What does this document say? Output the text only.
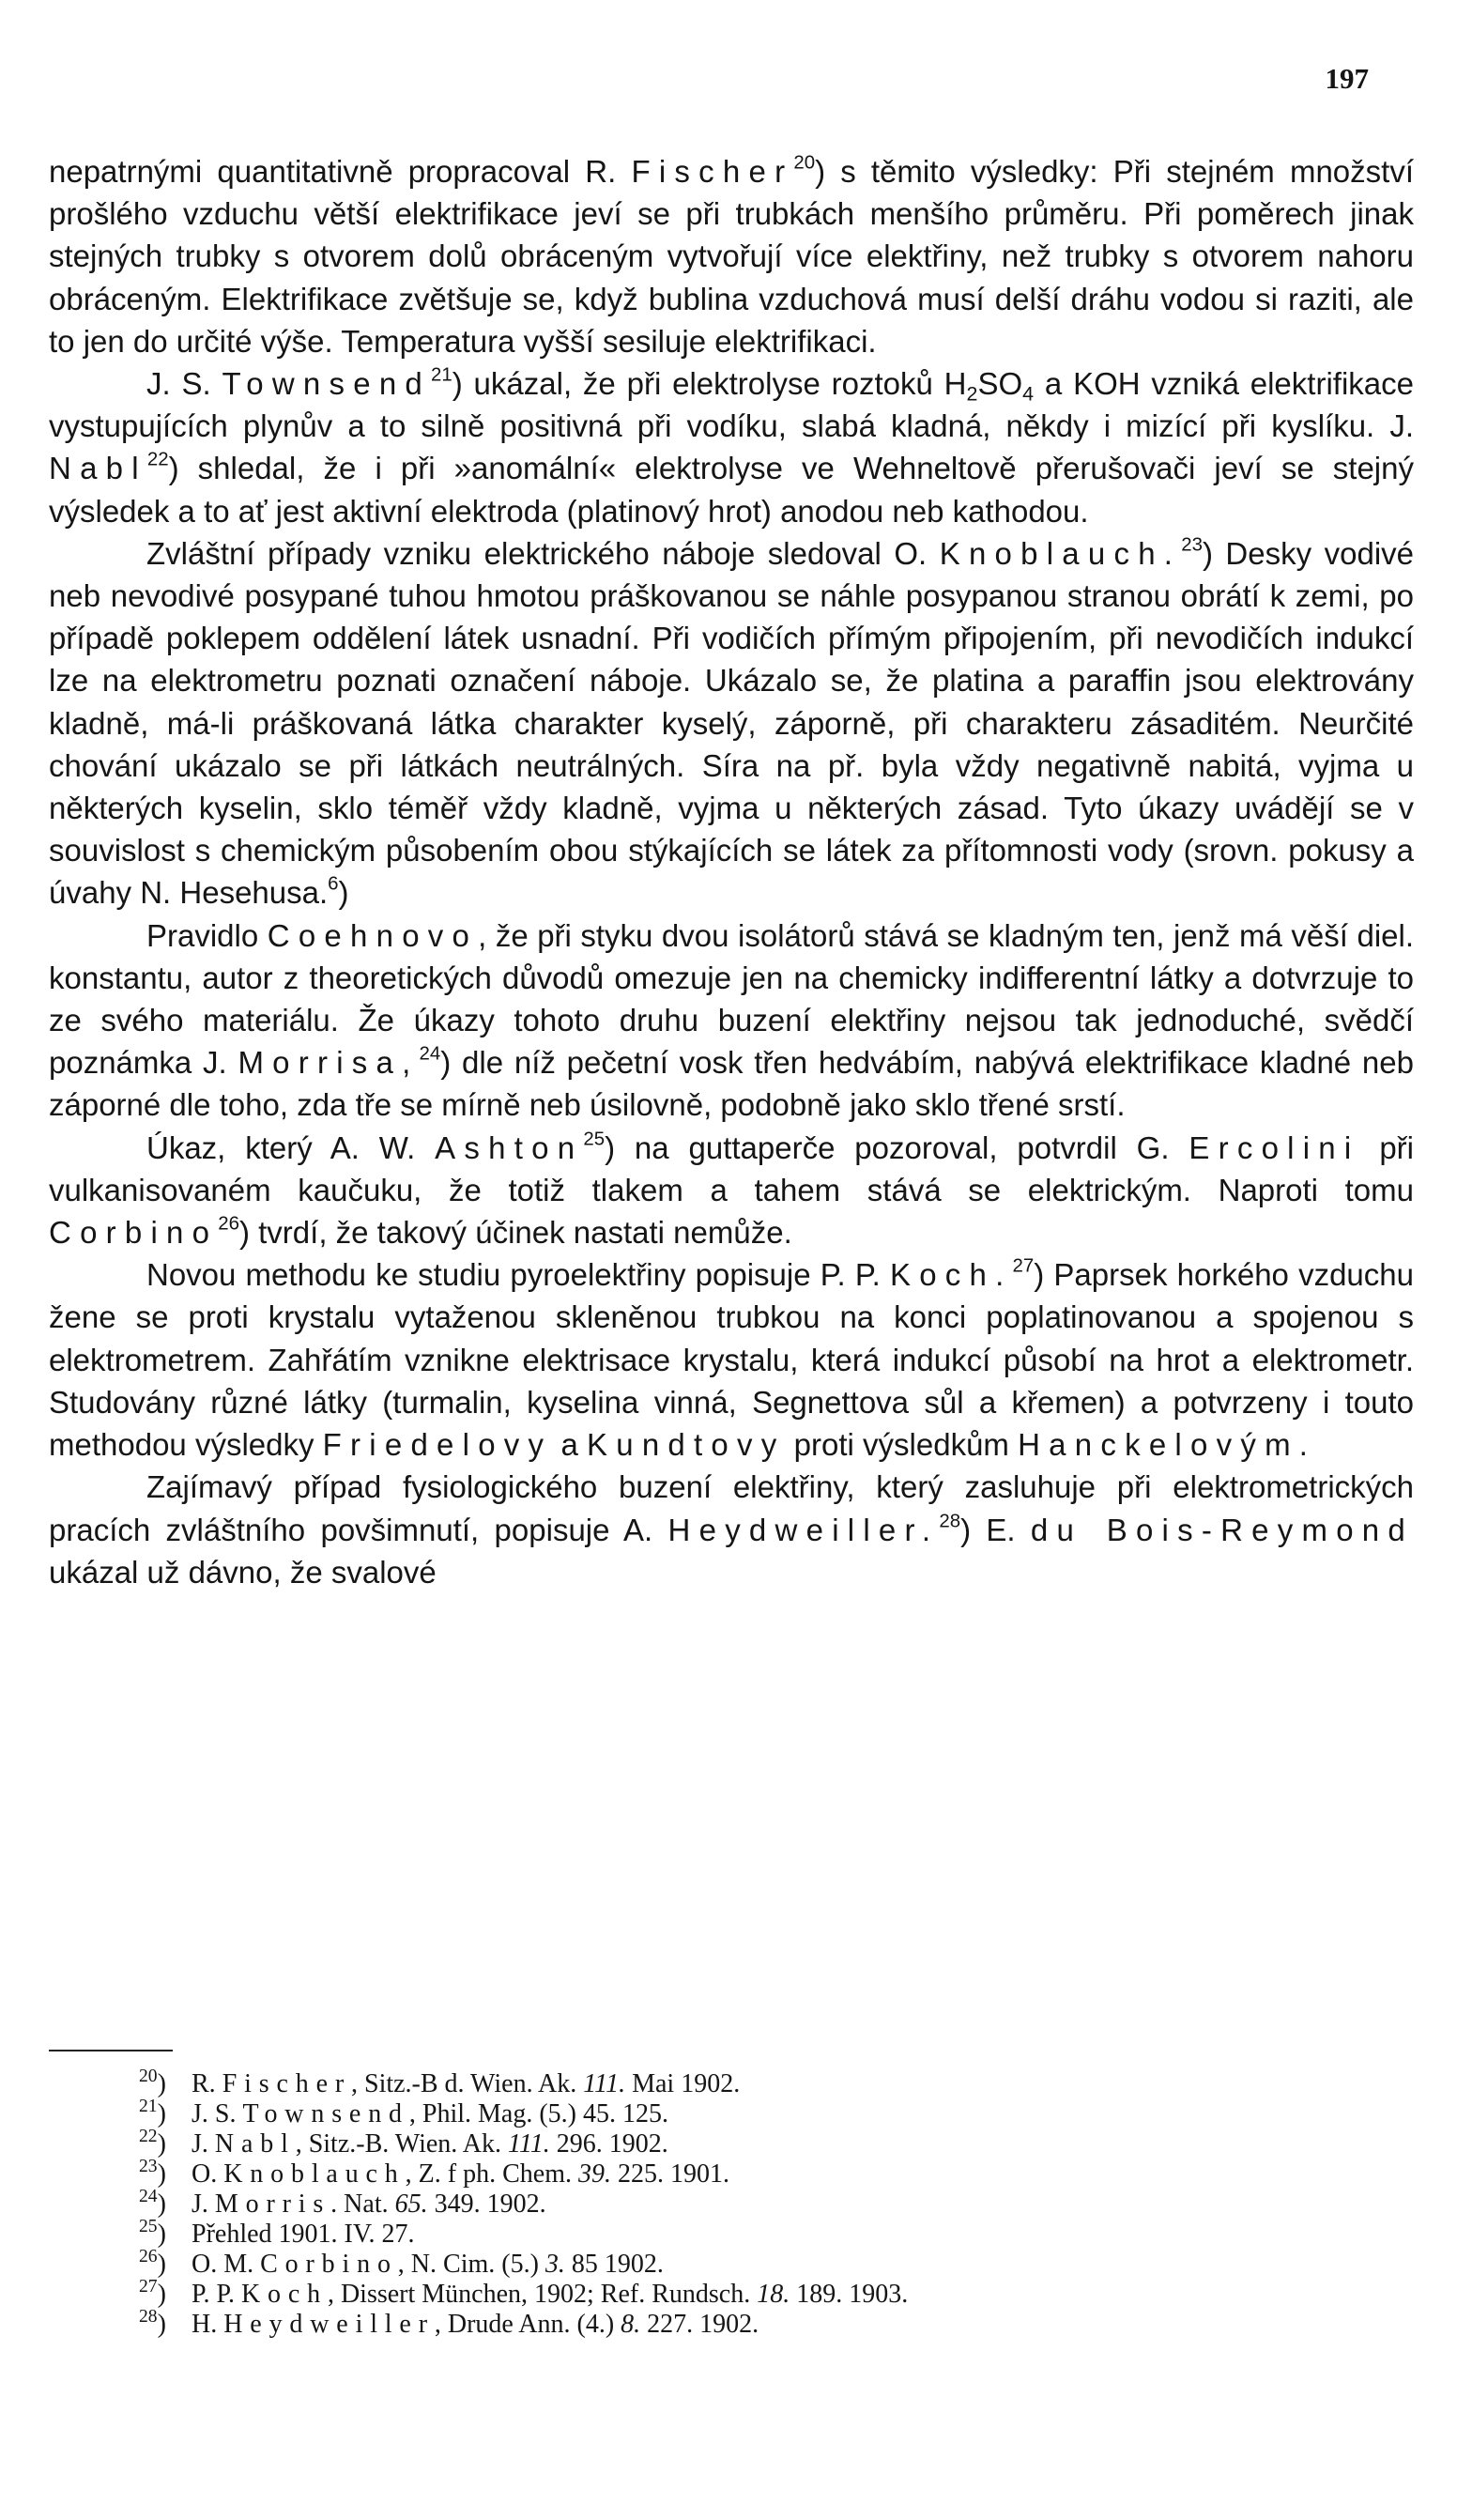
197

nepatrnými quantitativně propracoval R. Fischer$^{20}$) s těmito výsledky: Při stejném množství prošlého vzduchu větší elektrifikace jeví se při trubkách menšího průměru. Při poměrech jinak stejných trubky s otvorem dolů obráceným vytvořují více elektřiny, než trubky s otvorem nahoru obráceným. Elektrifikace zvětšuje se, když bublina vzduchová musí delší dráhu vodou si raziti, ale to jen do určité výše. Temperatura vyšší sesiluje elektrifikaci.

J. S. Townsend$^{21}$) ukázal, že při elektrolyse roztoků $H_2SO_4$ a KOH vzniká elektrifikace vystupujících plynův a to silně positivná při vodíku, slabá kladná, někdy i mizící při kyslíku. J. Nabl$^{22}$) shledal, že i při »anomální« elektrolyse ve Wehneltově přerušovači jeví se stejný výsledek a to ať jest aktivní elektroda (platinový hrot) anodou neb kathodou.

Zvláštní případy vzniku elektrického náboje sledoval O. Knoblauch.$^{23}$) Desky vodivé neb nevodivé posypané tuhou hmotou práškovanou se náhle posypanou stranou obrátí k zemi, po případě poklepem oddělení látek usnadní. Při vodičích přímým připojením, při nevodičích indukcí lze na elektrometru poznati označení náboje. Ukázalo se, že platina a paraffin jsou elektrovány kladně, má-li práškovaná látka charakter kyselý, záporně, při charakteru zásaditém. Neurčité chování ukázalo se při látkách neutrálných. Síra na př. byla vždy negativně nabitá, vyjma u některých kyselin, sklo téměř vždy kladně, vyjma u některých zásad. Tyto úkazy uvádějí se v souvislost s chemickým působením obou stýkajících se látek za přítomnosti vody (srovn. pokusy a úvahy N. Hesehusa.$^6$)

Pravidlo Coehnovo, že při styku dvou isolátorů stává se kladným ten, jenž má věší diel. konstantu, autor z theoretických důvodů omezuje jen na chemicky indifferentní látky a dotvrzuje to ze svého materiálu. Že úkazy tohoto druhu buzení elektřiny nejsou tak jednoduché, svědčí poznámka J. Morrisa,$^{24}$) dle níž pečetní vosk třen hedvábím, nabývá elektrifikace kladné neb záporné dle toho, zda tře se mírně neb úsilovně, podobně jako sklo třené srstí.

Úkaz, který A. W. Ashton$^{25}$) na guttaperče pozoroval, potvrdil G. Ercolini při vulkanisovaném kaučuku, že totiž tlakem a tahem stává se elektrickým. Naproti tomu Corbino$^{26}$) tvrdí, že takový účinek nastati nemůže.

Novou methodu ke studiu pyroelektřiny popisuje P. P. Koch.$^{27}$) Paprsek horkého vzduchu žene se proti krystalu vytaženou skleněnou trubkou na konci poplatinovanou a spojenou s elektrometrem. Zahřátím vznikne elektrisace krystalu, která indukcí působí na hrot a elektrometr. Studovány různé látky (turmalin, kyselina vinná, Segnettova sůl a křemen) a potvrzeny i touto methodou výsledky Friedelovy a Kundtovy proti výsledkům Hanckelovým.

Zajímavý případ fysiologického buzení elektřiny, který zasluhuje při elektrometrických pracích zvláštního povšimnutí, popisuje A. Heydweiller.$^{28}$) E. du Bois-Reymond ukázal už dávno, že svalové

$^{20}$) R. Fischer, Sitz.-B d. Wien. Ak. 111. Mai 1902.
$^{21}$) J. S. Townsend, Phil. Mag. (5.) 45. 125.
$^{22}$) J. Nabl, Sitz.-B. Wien. Ak. 111. 296. 1902.
$^{23}$) O. Knoblauch, Z. f ph. Chem. 39. 225. 1901.
$^{24}$) J. Morris. Nat. 65. 349. 1902.
$^{25}$) Přehled 1901. IV. 27.
$^{26}$) O. M. Corbino, N. Cim. (5.) 3. 85 1902.
$^{27}$) P. P. Koch, Dissert München, 1902; Ref. Rundsch. 18. 189. 1903.
$^{28}$) H. Heydweiller, Drude Ann. (4.) 8. 227. 1902.
